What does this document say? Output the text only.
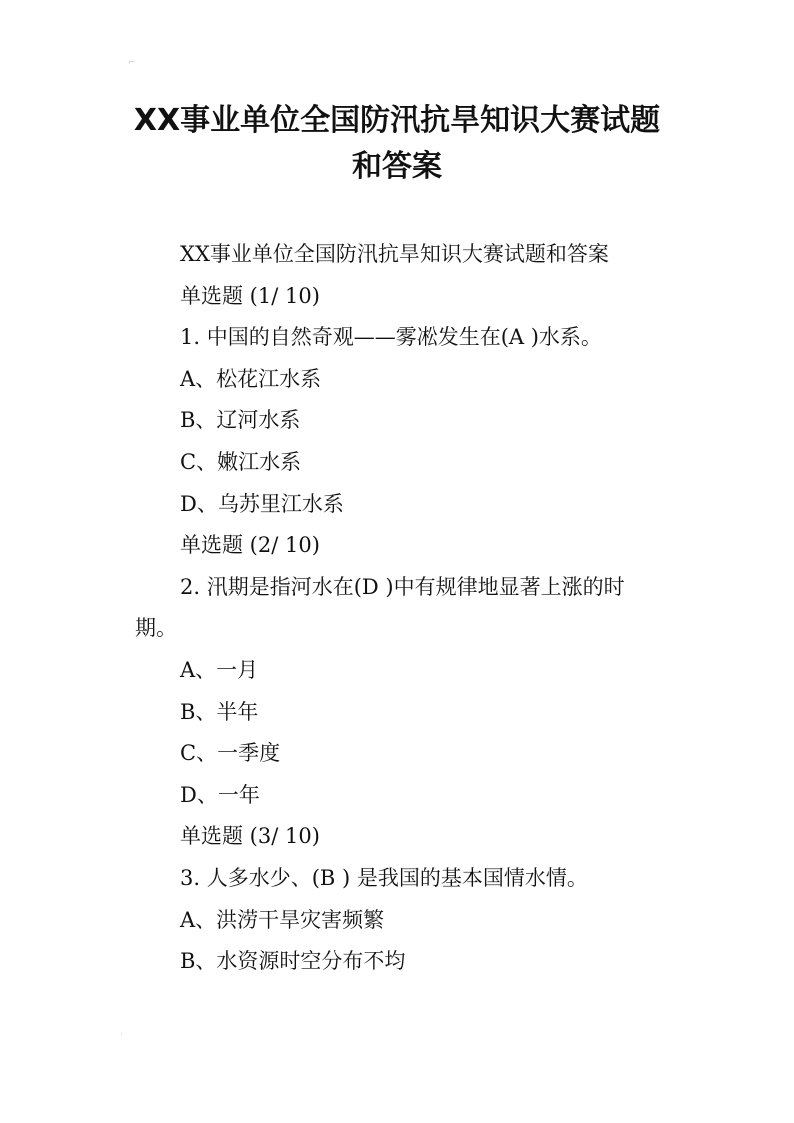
⌐
·
XX事业单位全国防汛抗旱知识大赛试题和答案

XX事业单位全国防汛抗旱知识大赛试题和答案

单选题 (1/ 10)

1. 中国的自然奇观——雾凇发生在(A )水系。

A、松花江水系

B、辽河水系

C、嫩江水系

D、乌苏里江水系

单选题 (2/ 10)

2. 汛期是指河水在(D )中有规律地显著上涨的时期。

A、一月

B、半年

C、一季度

D、一年

单选题 (3/ 10)

3. 人多水少、(B ) 是我国的基本国情水情。

A、洪涝干旱灾害频繁

B、水资源时空分布不均
